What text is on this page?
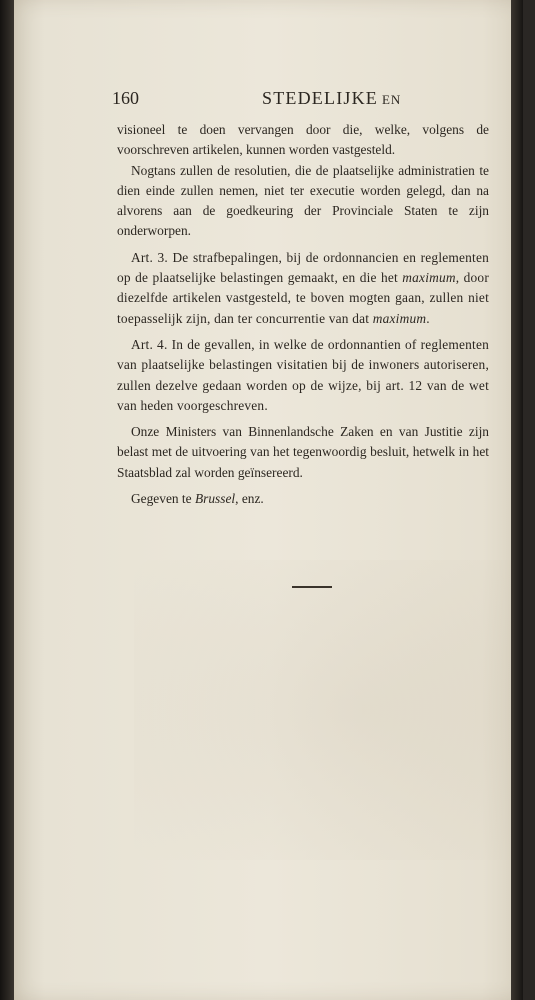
160	STEDELIJKE EN

visioneel te doen vervangen door die, welke, volgens de voorschreven artikelen, kunnen worden vastgesteld.

Nogtans zullen de resolutien, die de plaatselijke administratien te dien einde zullen nemen, niet ter executie worden gelegd, dan na alvorens aan de goedkeuring der Provinciale Staten te zijn onderworpen.

Art. 3. De strafbepalingen, bij de ordonnancien en reglementen op de plaatselijke belastingen gemaakt, en die het maximum, door diezelfde artikelen vastgesteld, te boven mogten gaan, zullen niet toepasselijk zijn, dan ter concurrentie van dat maximum.

Art. 4. In de gevallen, in welke de ordonnantien of reglementen van plaatselijke belastingen visitatien bij de inwoners autoriseren, zullen dezelve gedaan worden op de wijze, bij art. 12 van de wet van heden voorgeschreven.

Onze Ministers van Binnenlandsche Zaken en van Justitie zijn belast met de uitvoering van het tegenwoordig besluit, hetwelk in het Staatsblad zal worden geïnsereerd.

Gegeven te Brussel, enz.
